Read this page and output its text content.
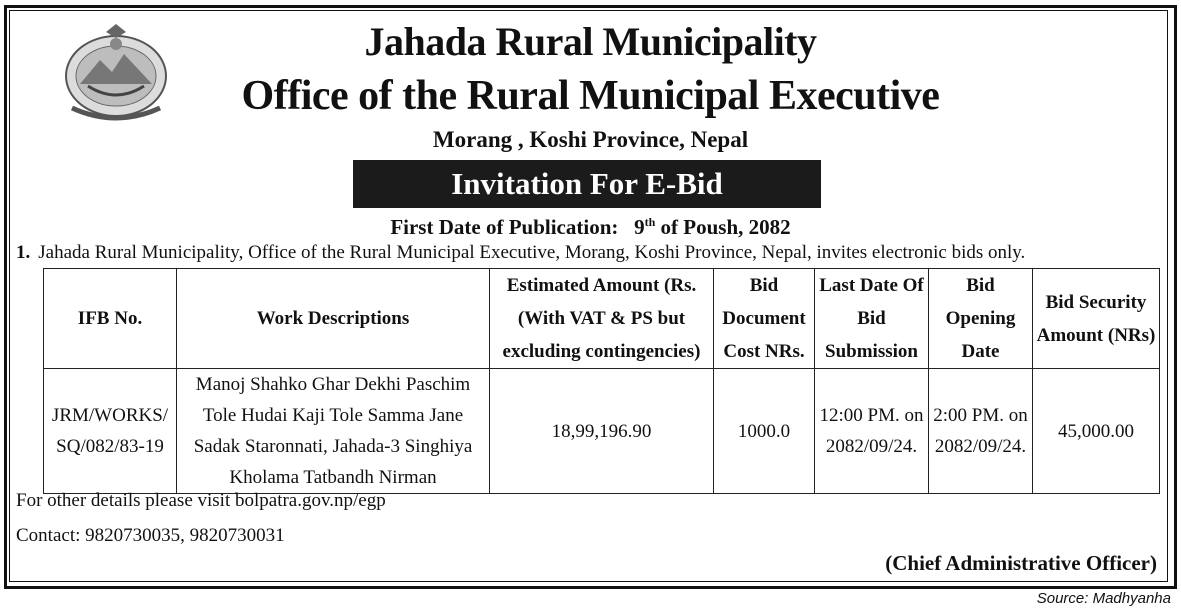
Jahada Rural Municipality
Office of the Rural Municipal Executive
Morang , Koshi Province, Nepal
Invitation For E-Bid
First Date of Publication: 9th of Poush, 2082
1. Jahada Rural Municipality, Office of the Rural Municipal Executive, Morang, Koshi Province, Nepal, invites electronic bids only.
IFB No.	Work Descriptions	Estimated Amount (Rs. (With VAT & PS but excluding contingencies)	Bid Document Cost NRs.	Last Date Of Bid Submission	Bid Opening Date	Bid Security Amount (NRs)
JRM/WORKS/ SQ/082/83-19	Manoj Shahko Ghar Dekhi Paschim Tole Hudai Kaji Tole Samma Jane Sadak Staronnati, Jahada-3 Singhiya Kholama Tatbandh Nirman	18,99,196.90	1000.0	12:00 PM. on 2082/09/24.	2:00 PM. on 2082/09/24.	45,000.00
For other details please visit bolpatra.gov.np/egp
Contact: 9820730035, 9820730031
(Chief Administrative Officer)
Source: Madhyanha
